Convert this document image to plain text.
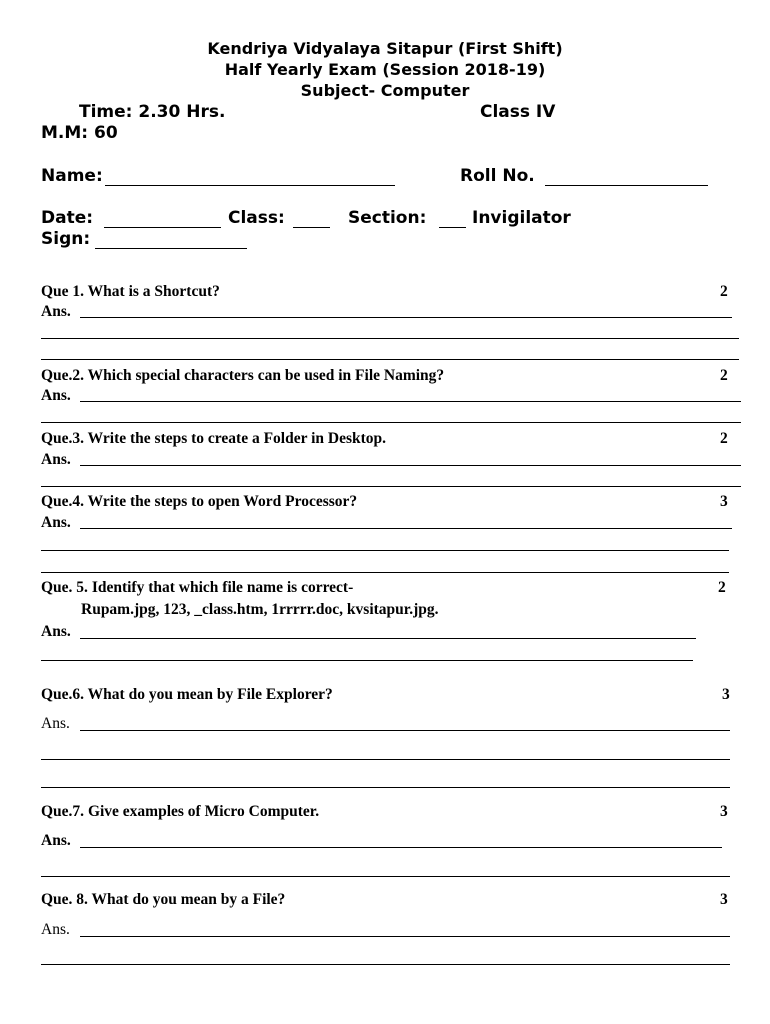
Kendriya Vidyalaya Sitapur (First Shift)
Half Yearly Exam (Session 2018-19)
Subject- Computer
Time: 2.30 Hrs.	Class IV
M.M: 60
Name:	Roll No.
Date:	Class:	Section:	Invigilator
Sign:
Que 1. What is a Shortcut?	2
Ans.
Que.2. Which special characters can be used in File Naming?	2
Ans.
Que.3. Write the steps to create a Folder in Desktop.	2
Ans.
Que.4. Write the steps to open Word Processor?	3
Ans.
Que. 5. Identify that which file name is correct-	2
Rupam.jpg, 123, _class.htm, 1rrrrr.doc, kvsitapur.jpg.
Ans.
Que.6. What do you mean by File Explorer?	3
Ans.
Que.7. Give examples of Micro Computer.	3
Ans.
Que. 8. What do you mean by a File?	3
Ans.
